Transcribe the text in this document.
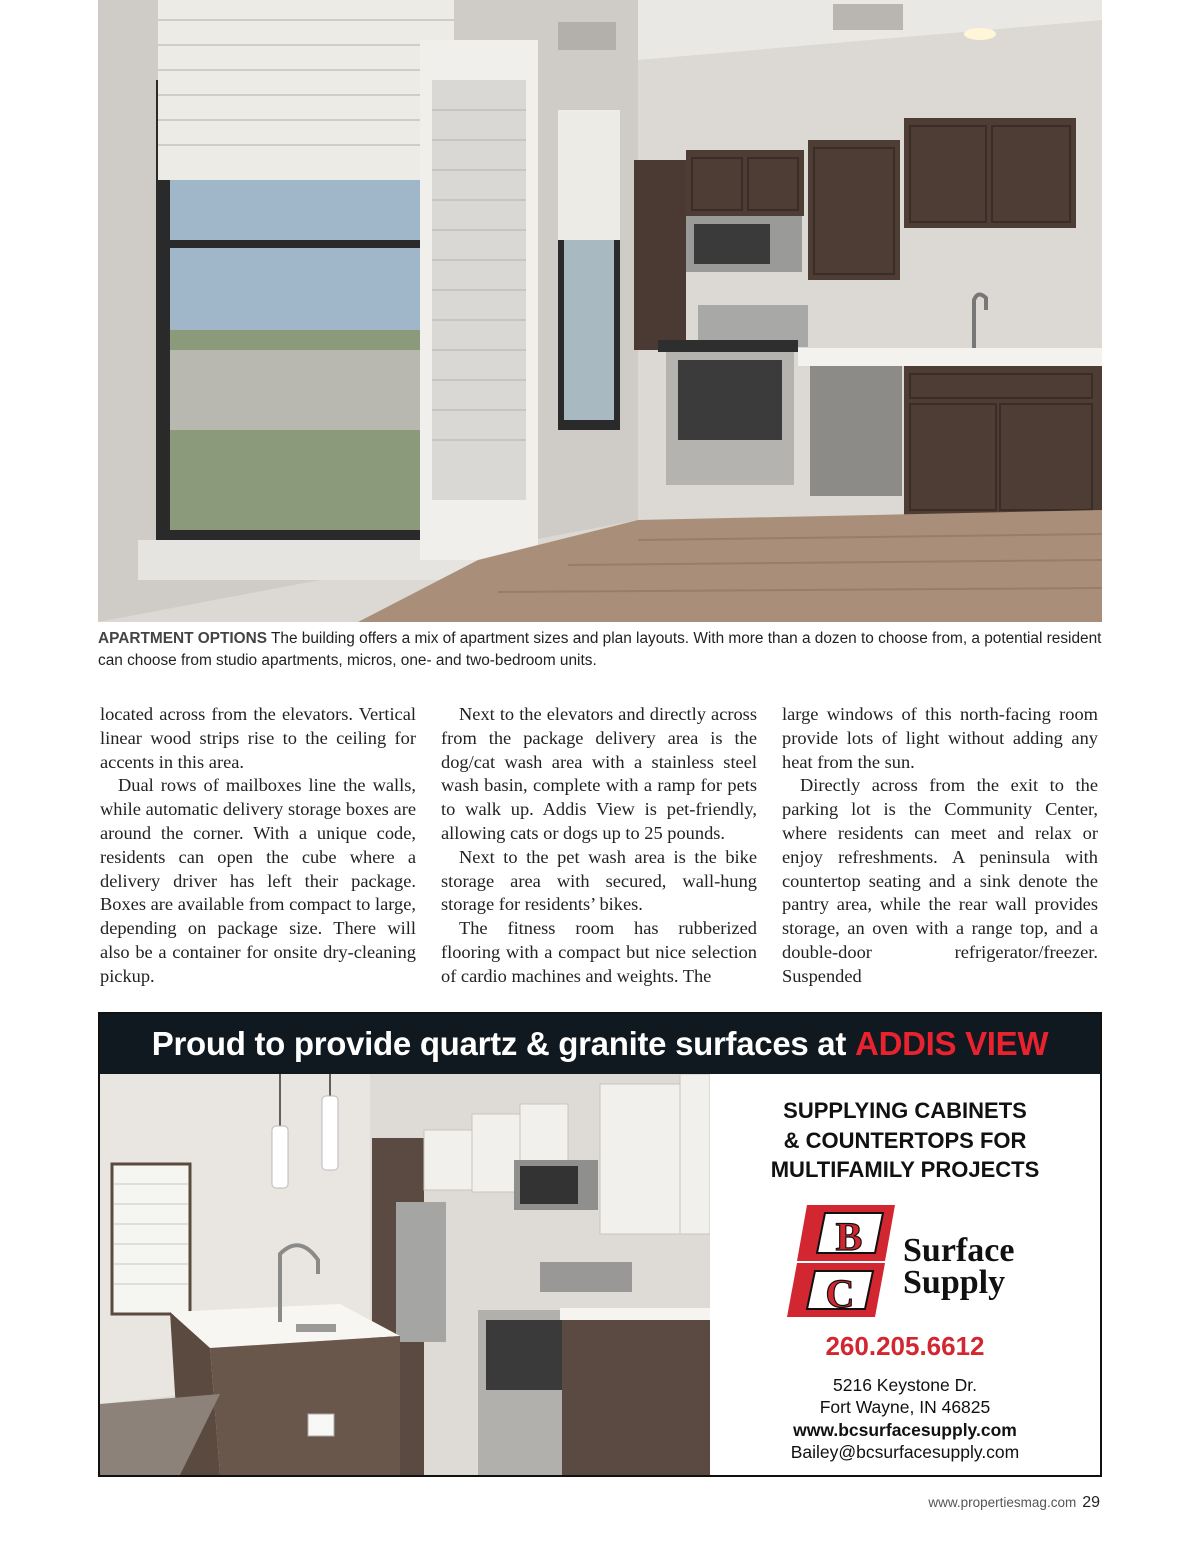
APARTMENT OPTIONS The building offers a mix of apartment sizes and plan layouts. With more than a dozen to choose from, a potential resident can choose from studio apartments, micros, one- and two-bedroom units.

located across from the elevators. Vertical linear wood strips rise to the ceiling for accents in this area.

Dual rows of mailboxes line the walls, while automatic delivery storage boxes are around the corner. With a unique code, residents can open the cube where a delivery driver has left their package. Boxes are available from compact to large, depending on package size. There will also be a container for onsite dry-cleaning pickup.

Next to the elevators and directly across from the package delivery area is the dog/cat wash area with a stainless steel wash basin, complete with a ramp for pets to walk up. Addis View is pet-friendly, allowing cats or dogs up to 25 pounds.

Next to the pet wash area is the bike storage area with secured, wall-hung storage for residents’ bikes.

The fitness room has rubberized flooring with a compact but nice selection of cardio machines and weights. The

large windows of this north-facing room provide lots of light without adding any heat from the sun.

Directly across from the exit to the parking lot is the Community Center, where residents can meet and relax or enjoy refreshments. A peninsula with countertop seating and a sink denote the pantry area, while the rear wall provides storage, an oven with a range top, and a double-door refrigerator/freezer. Suspended

Proud to provide quartz & granite surfaces at ADDIS VIEW
SUPPLYING CABINETS
& COUNTERTOPS FOR
MULTIFAMILY PROJECTS
B
C
Surface
Supply
260.205.6612
5216 Keystone Dr.
Fort Wayne, IN 46825
www.bcsurfacesupply.com
Bailey@bcsurfacesupply.com
www.propertiesmag.com 29
